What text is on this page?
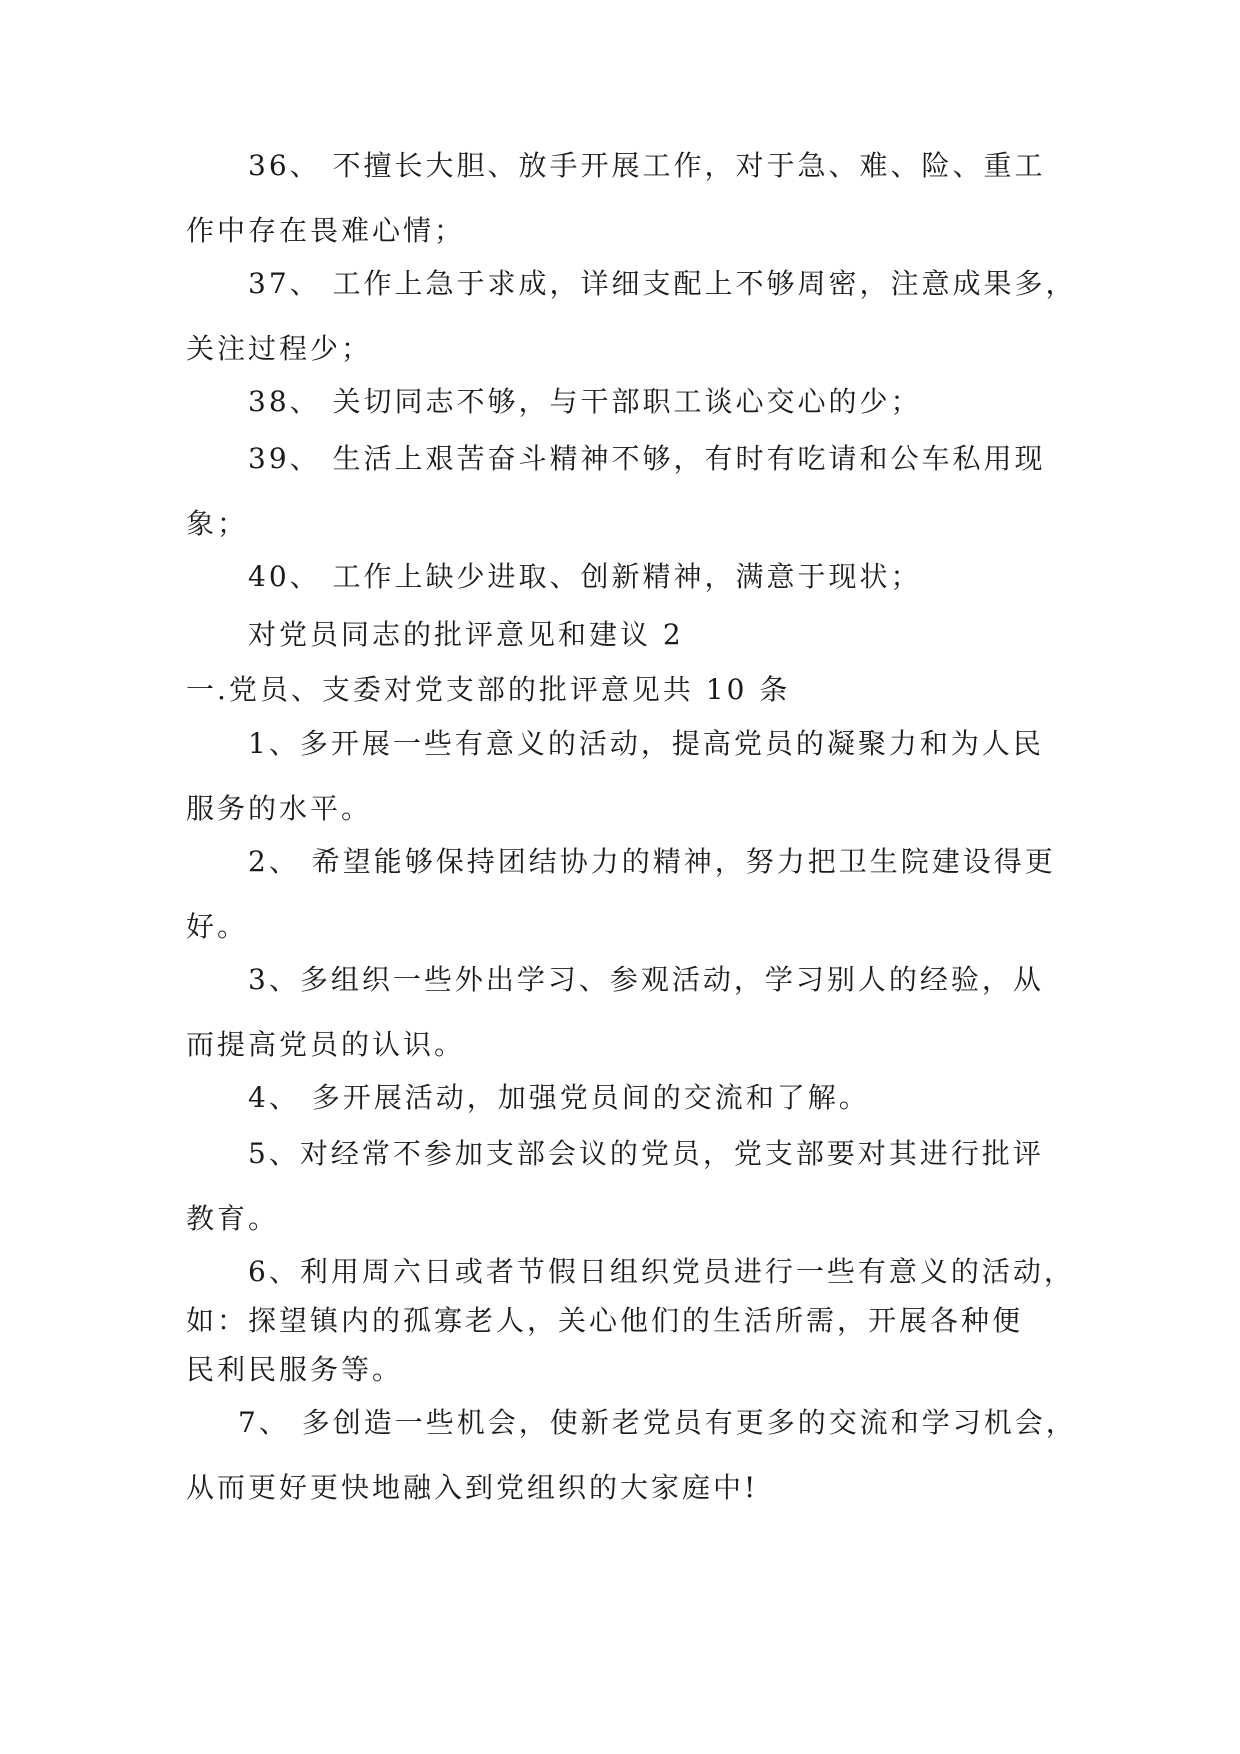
36、 不擅长大胆、放手开展工作，对于急、难、险、重工
作中存在畏难心情；
37、 工作上急于求成，详细支配上不够周密，注意成果多，
关注过程少；
38、 关切同志不够，与干部职工谈心交心的少；
39、 生活上艰苦奋斗精神不够，有时有吃请和公车私用现
象；
40、 工作上缺少进取、创新精神，满意于现状；
对党员同志的批评意见和建议 2
一.党员、支委对党支部的批评意见共 10 条
1、多开展一些有意义的活动，提高党员的凝聚力和为人民
服务的水平。
2、 希望能够保持团结协力的精神，努力把卫生院建设得更
好。
3、多组织一些外出学习、参观活动，学习别人的经验，从
而提高党员的认识。
4、 多开展活动，加强党员间的交流和了解。
5、对经常不参加支部会议的党员，党支部要对其进行批评
教育。
6、利用周六日或者节假日组织党员进行一些有意义的活动，
如：探望镇内的孤寡老人，关心他们的生活所需，开展各种便
民利民服务等。
7、 多创造一些机会，使新老党员有更多的交流和学习机会，
从而更好更快地融入到党组织的大家庭中!
